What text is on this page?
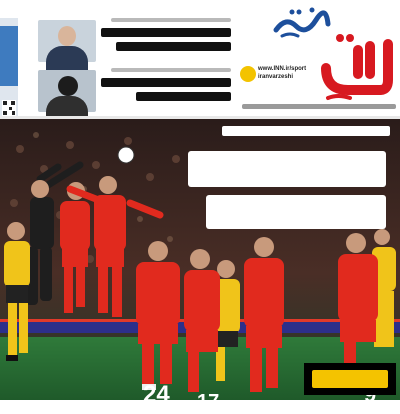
www.INN.ir/sport
iranvarzeshi
24 17
